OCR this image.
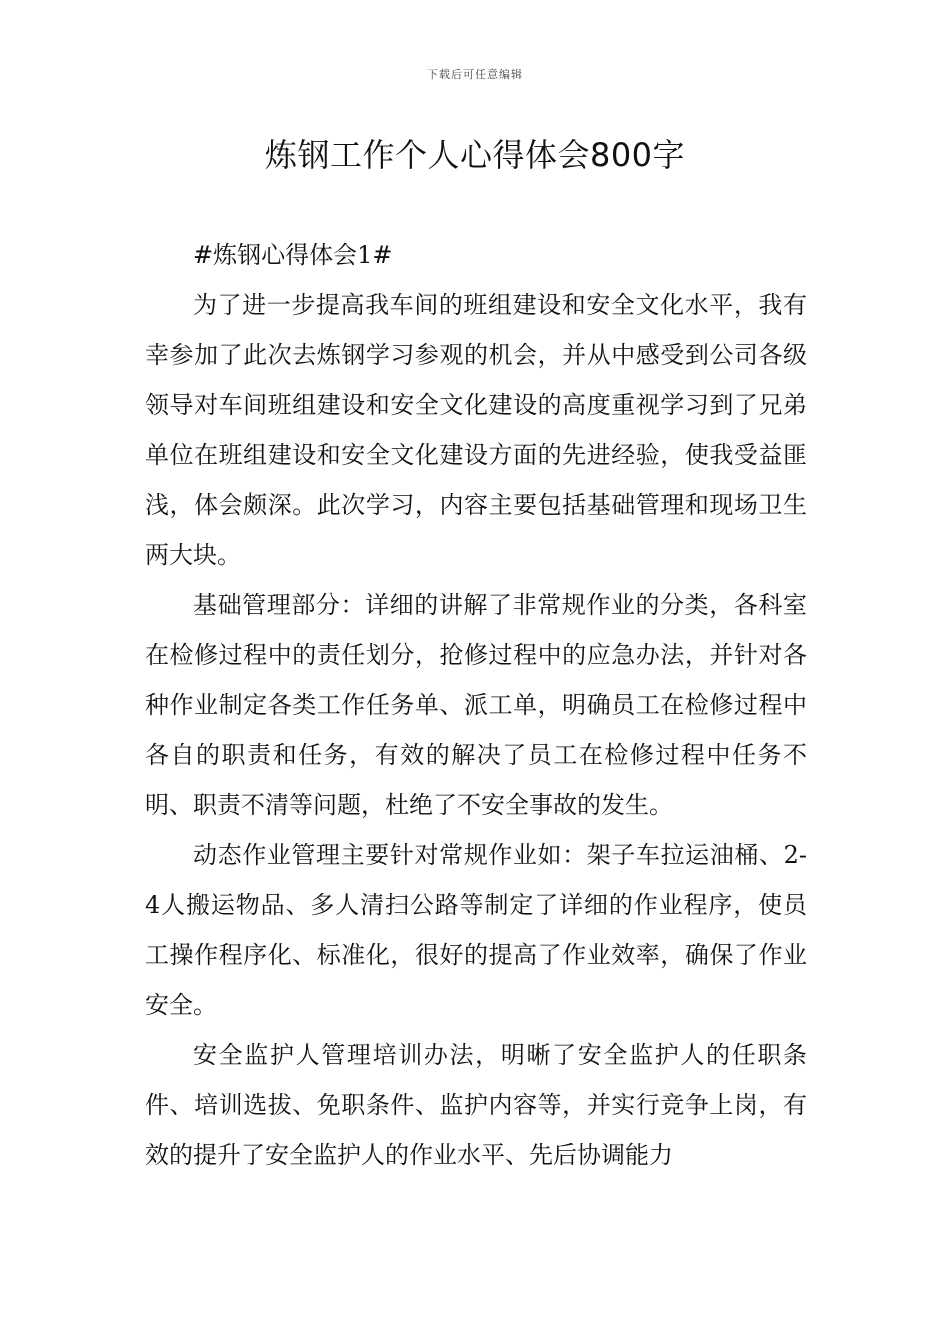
下载后可任意编辑
炼钢工作个人心得体会800字

#炼钢心得体会1#

为了进一步提高我车间的班组建设和安全文化水平，我有幸参加了此次去炼钢学习参观的机会，并从中感受到公司各级领导对车间班组建设和安全文化建设的高度重视学习到了兄弟单位在班组建设和安全文化建设方面的先进经验，使我受益匪浅，体会颇深。此次学习，内容主要包括基础管理和现场卫生两大块。

基础管理部分：详细的讲解了非常规作业的分类，各科室在检修过程中的责任划分，抢修过程中的应急办法，并针对各种作业制定各类工作任务单、派工单，明确员工在检修过程中各自的职责和任务，有效的解决了员工在检修过程中任务不明、职责不清等问题，杜绝了不安全事故的发生。

动态作业管理主要针对常规作业如：架子车拉运油桶、2-4人搬运物品、多人清扫公路等制定了详细的作业程序，使员工操作程序化、标准化，很好的提高了作业效率，确保了作业安全。

安全监护人管理培训办法，明晰了安全监护人的任职条件、培训选拔、免职条件、监护内容等，并实行竞争上岗，有效的提升了安全监护人的作业水平、先后协调能力
